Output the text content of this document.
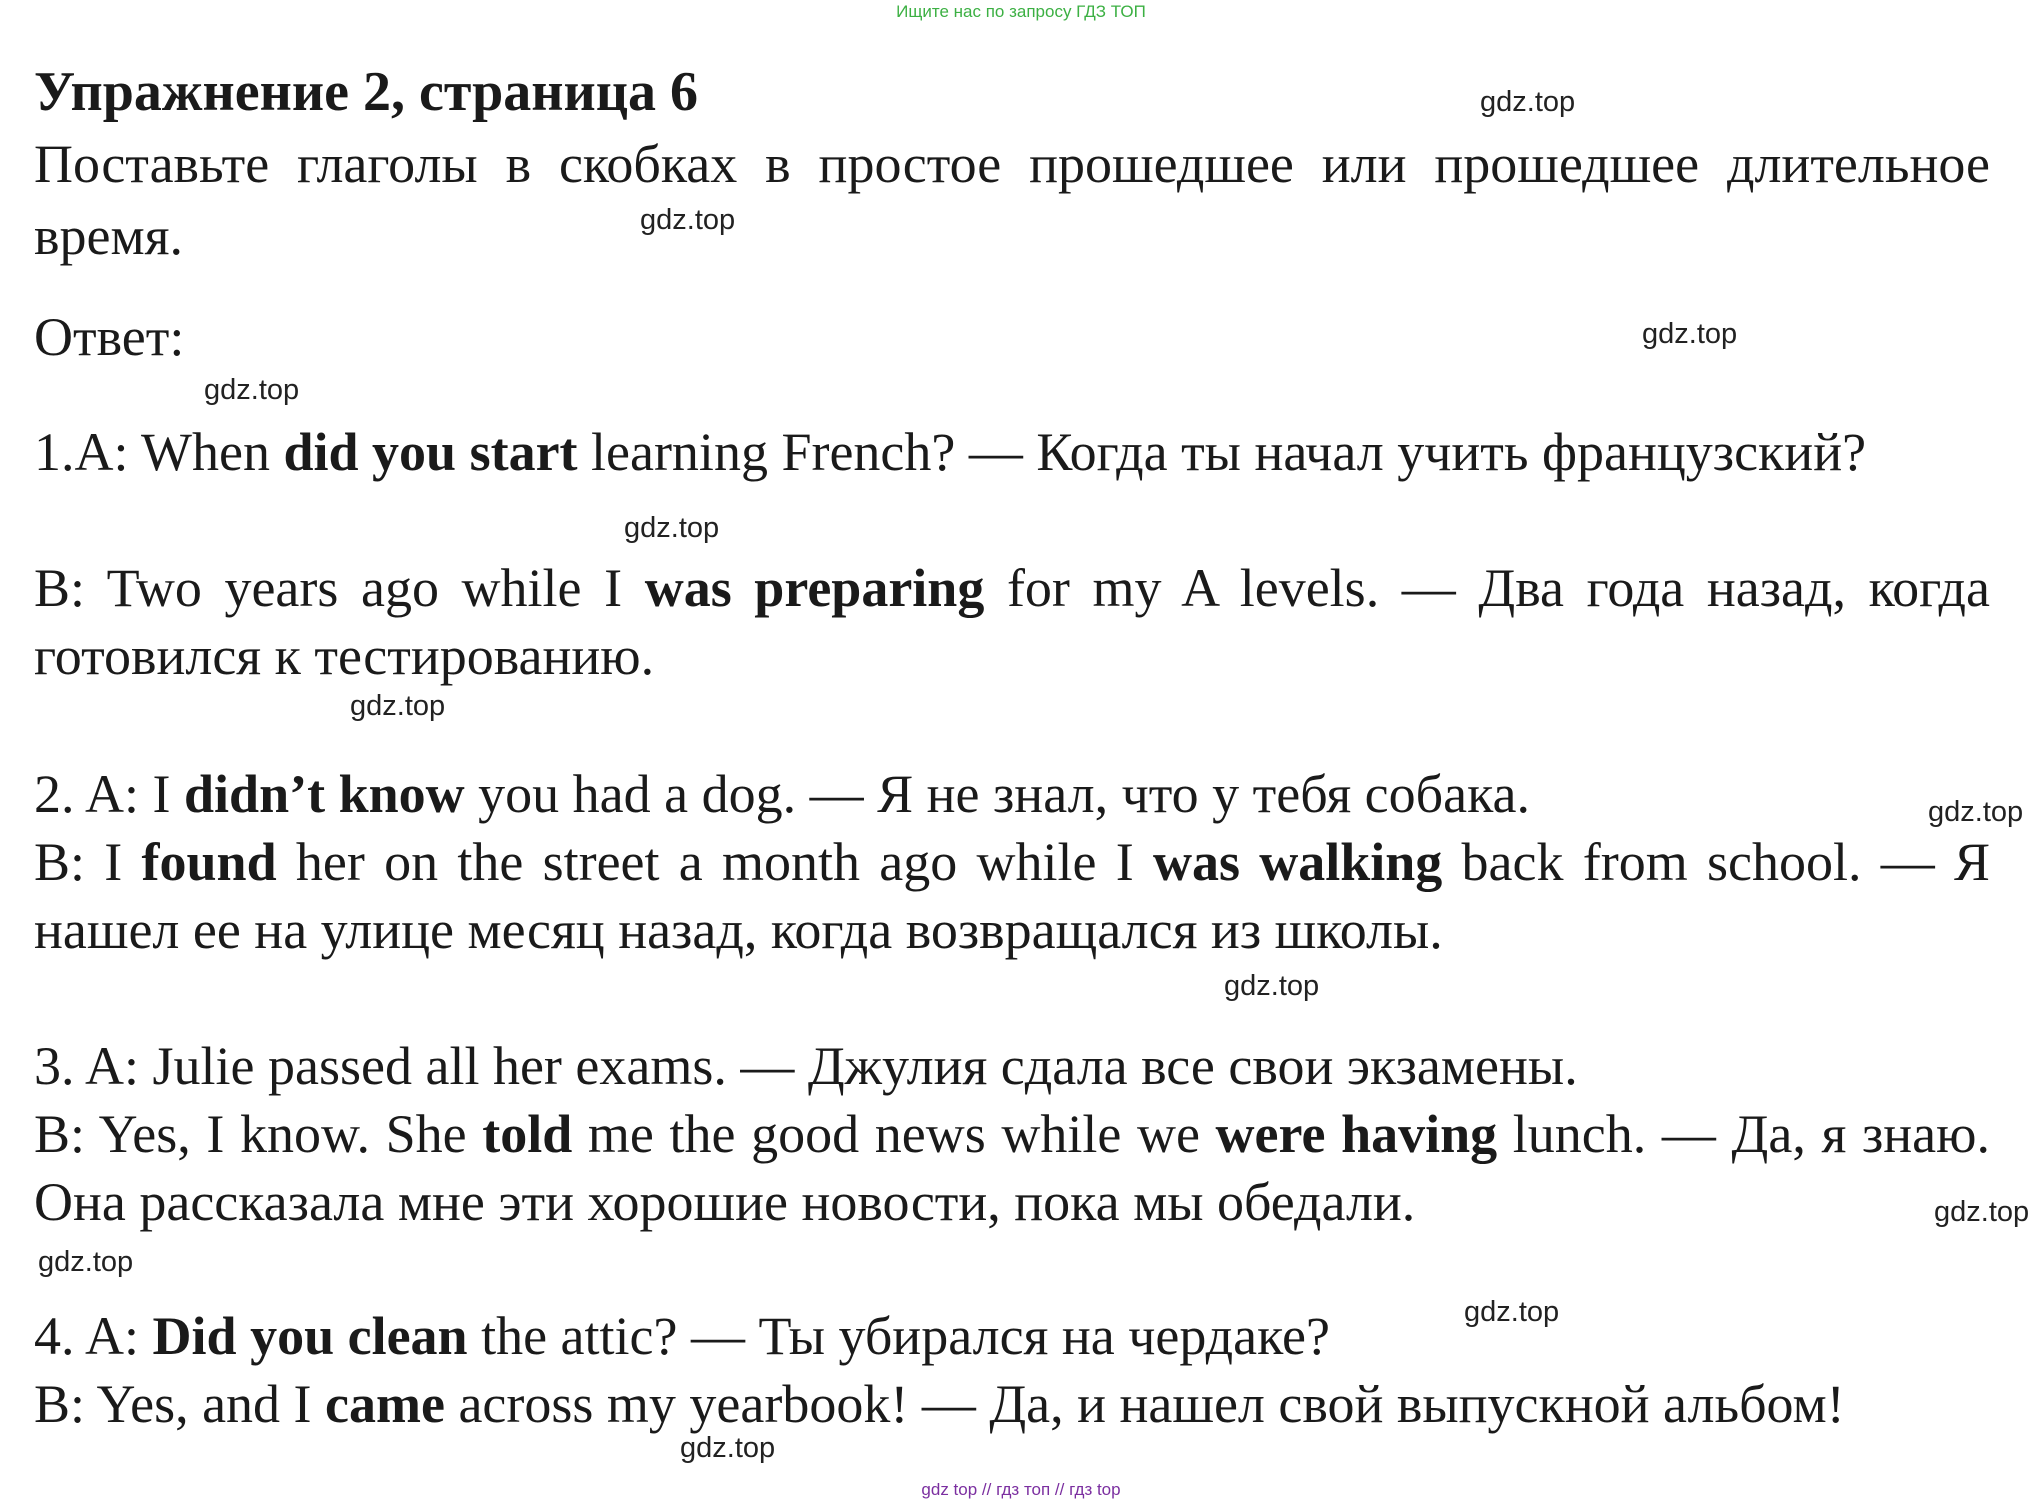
Ищите нас по запросу ГДЗ ТОП
Упражнение 2, страница 6

Поставьте глаголы в скобках в простое прошедшее или прошедшее длительное время.

Ответ:

1.A: When did you start learning French? — Когда ты начал учить французский?

B: Two years ago while I was preparing for my A levels. — Два года назад, когда готовился к тестированию.

2. A: I didn’t know you had a dog. — Я не знал, что у тебя собака.

B: I found her on the street a month ago while I was walking back from school. — Я нашел ее на улице месяц назад, когда возвращался из школы.

3. A: Julie passed all her exams. — Джулия сдала все свои экзамены.

B: Yes, I know. She told me the good news while we were having lunch. — Да, я знаю. Она рассказала мне эти хорошие новости, пока мы обедали.

4. A: Did you clean the attic? — Ты убирался на чердаке?

B: Yes, and I came across my yearbook! — Да, и нашел свой выпускной альбом!

gdz.top
gdz.top
gdz.top
gdz.top
gdz.top
gdz.top
gdz.top
gdz.top
gdz.top
gdz.top
gdz.top
gdz.top
gdz top // гдз топ // гдз top
